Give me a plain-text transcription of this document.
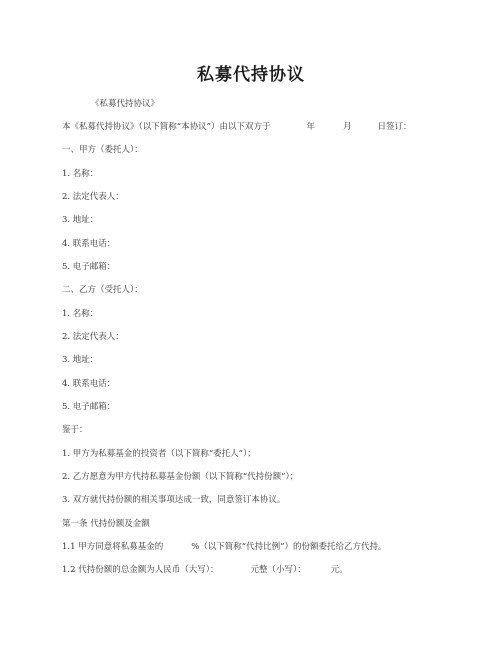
私募代持协议
《私募代持协议》
本《私募代持协议》（以下简称“本协议”）由以下双方于	年	月	日签订：
一、甲方（委托人）：
1. 名称：
2. 法定代表人：
3. 地址：
4. 联系电话：
5. 电子邮箱：
二、乙方（受托人）：
1. 名称：
2. 法定代表人：
3. 地址：
4. 联系电话：
5. 电子邮箱：
鉴于：
1. 甲方为私募基金的投资者（以下简称“委托人”）；
2. 乙方愿意为甲方代持私募基金份额（以下简称“代持份额”）；
3. 双方就代持份额的相关事项达成一致，同意签订本协议。
第一条 代持份额及金额
1.1 甲方同意将私募基金的	%（以下简称“代持比例”）的份额委托给乙方代持。
1.2 代持份额的总金额为人民币（大写）：	元整（小写）：	元。
